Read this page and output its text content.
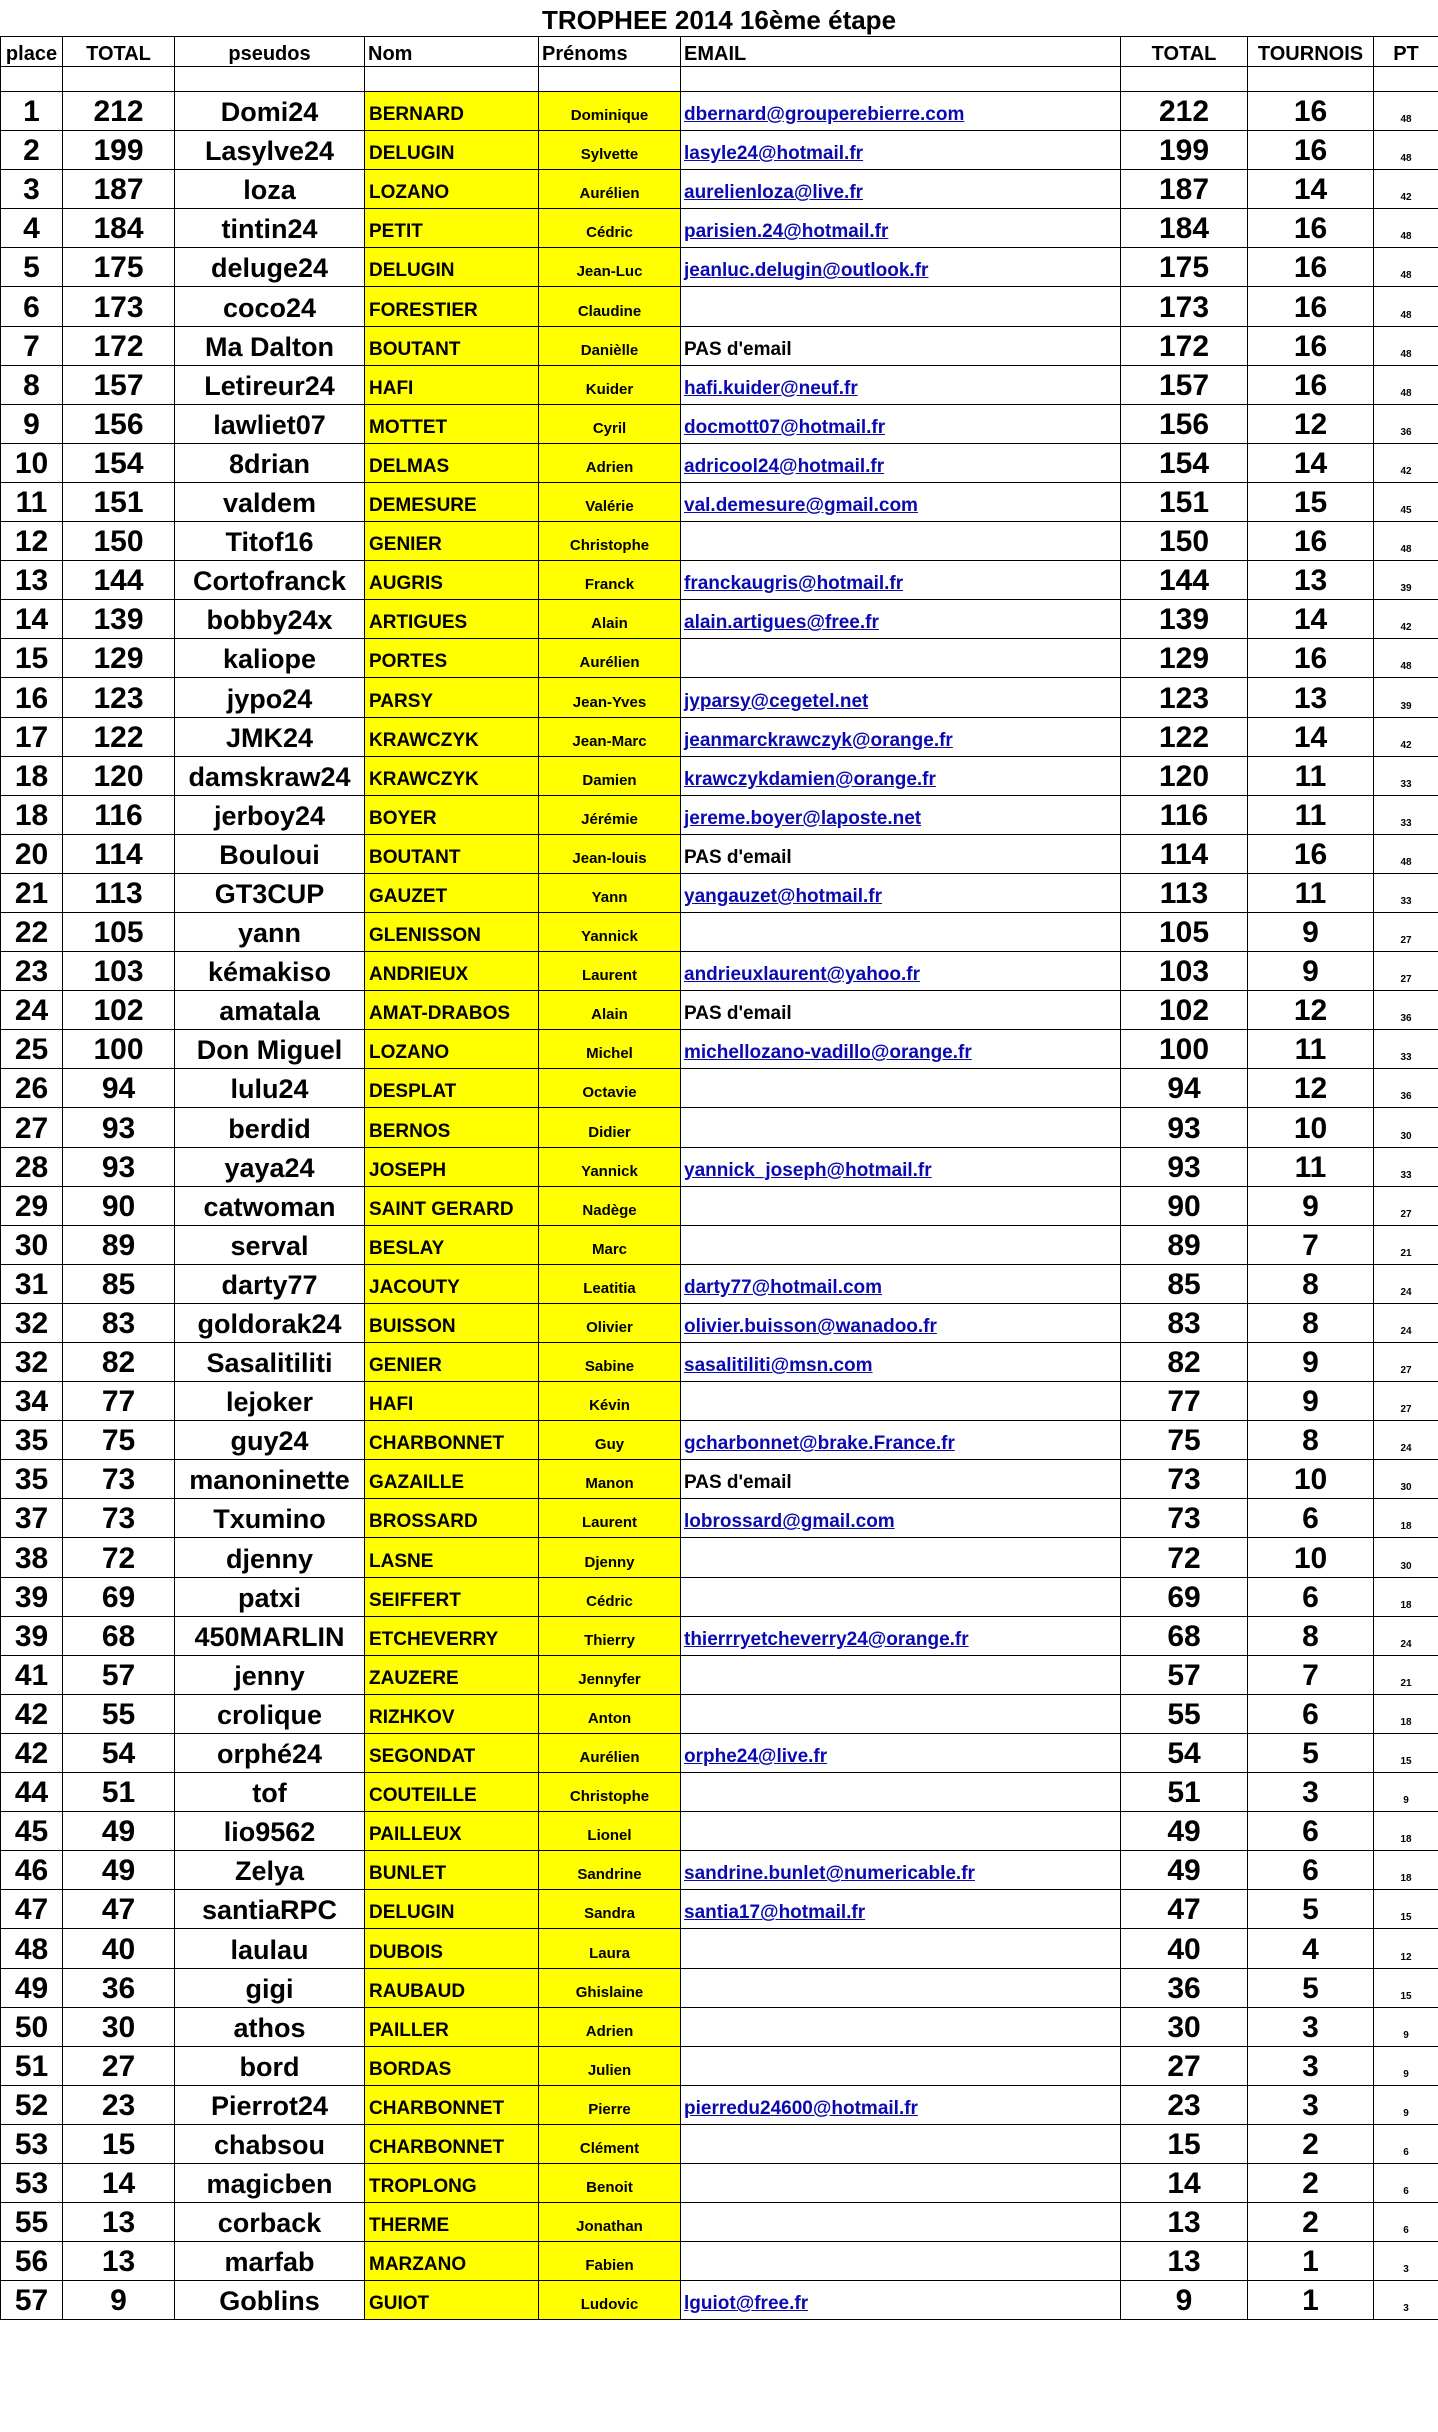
TROPHEE 2014 16ème étape
place	TOTAL	pseudos	Nom	Prénoms	EMAIL	TOTAL	TOURNOIS	PT

1	212	Domi24	BERNARD	Dominique	dbernard@grouperebierre.com	212	16	48
2	199	Lasylve24	DELUGIN	Sylvette	lasyle24@hotmail.fr	199	16	48
3	187	loza	LOZANO	Aurélien	aurelienloza@live.fr	187	14	42
4	184	tintin24	PETIT	Cédric	parisien.24@hotmail.fr	184	16	48
5	175	deluge24	DELUGIN	Jean-Luc	jeanluc.delugin@outlook.fr	175	16	48
6	173	coco24	FORESTIER	Claudine		173	16	48
7	172	Ma Dalton	BOUTANT	Danièlle	PAS d'email	172	16	48
8	157	Letireur24	HAFI	Kuider	hafi.kuider@neuf.fr	157	16	48
9	156	lawliet07	MOTTET	Cyril	docmott07@hotmail.fr	156	12	36
10	154	8drian	DELMAS	Adrien	adricool24@hotmail.fr	154	14	42
11	151	valdem	DEMESURE	Valérie	val.demesure@gmail.com	151	15	45
12	150	Titof16	GENIER	Christophe		150	16	48
13	144	Cortofranck	AUGRIS	Franck	franckaugris@hotmail.fr	144	13	39
14	139	bobby24x	ARTIGUES	Alain	alain.artigues@free.fr	139	14	42
15	129	kaliope	PORTES	Aurélien		129	16	48
16	123	jypo24	PARSY	Jean-Yves	jyparsy@cegetel.net	123	13	39
17	122	JMK24	KRAWCZYK	Jean-Marc	jeanmarckrawczyk@orange.fr	122	14	42
18	120	damskraw24	KRAWCZYK	Damien	krawczykdamien@orange.fr	120	11	33
18	116	jerboy24	BOYER	Jérémie	jereme.boyer@laposte.net	116	11	33
20	114	Bouloui	BOUTANT	Jean-louis	PAS d'email	114	16	48
21	113	GT3CUP	GAUZET	Yann	yangauzet@hotmail.fr	113	11	33
22	105	yann	GLENISSON	Yannick		105	9	27
23	103	kémakiso	ANDRIEUX	Laurent	andrieuxlaurent@yahoo.fr	103	9	27
24	102	amatala	AMAT-DRABOS	Alain	PAS d'email	102	12	36
25	100	Don Miguel	LOZANO	Michel	michellozano-vadillo@orange.fr	100	11	33
26	94	lulu24	DESPLAT	Octavie		94	12	36
27	93	berdid	BERNOS	Didier		93	10	30
28	93	yaya24	JOSEPH	Yannick	yannick_joseph@hotmail.fr	93	11	33
29	90	catwoman	SAINT GERARD	Nadège		90	9	27
30	89	serval	BESLAY	Marc		89	7	21
31	85	darty77	JACOUTY	Leatitia	darty77@hotmail.com	85	8	24
32	83	goldorak24	BUISSON	Olivier	olivier.buisson@wanadoo.fr	83	8	24
32	82	Sasalitiliti	GENIER	Sabine	sasalitiliti@msn.com	82	9	27
34	77	lejoker	HAFI	Kévin		77	9	27
35	75	guy24	CHARBONNET	Guy	gcharbonnet@brake.France.fr	75	8	24
35	73	manoninette	GAZAILLE	Manon	PAS d'email	73	10	30
37	73	Txumino	BROSSARD	Laurent	lobrossard@gmail.com	73	6	18
38	72	djenny	LASNE	Djenny		72	10	30
39	69	patxi	SEIFFERT	Cédric		69	6	18
39	68	450MARLIN	ETCHEVERRY	Thierry	thierrryetcheverry24@orange.fr	68	8	24
41	57	jenny	ZAUZERE	Jennyfer		57	7	21
42	55	crolique	RIZHKOV	Anton		55	6	18
42	54	orphé24	SEGONDAT	Aurélien	orphe24@live.fr	54	5	15
44	51	tof	COUTEILLE	Christophe		51	3	9
45	49	lio9562	PAILLEUX	Lionel		49	6	18
46	49	Zelya	BUNLET	Sandrine	sandrine.bunlet@numericable.fr	49	6	18
47	47	santiaRPC	DELUGIN	Sandra	santia17@hotmail.fr	47	5	15
48	40	laulau	DUBOIS	Laura		40	4	12
49	36	gigi	RAUBAUD	Ghislaine		36	5	15
50	30	athos	PAILLER	Adrien		30	3	9
51	27	bord	BORDAS	Julien		27	3	9
52	23	Pierrot24	CHARBONNET	Pierre	pierredu24600@hotmail.fr	23	3	9
53	15	chabsou	CHARBONNET	Clément		15	2	6
53	14	magicben	TROPLONG	Benoit		14	2	6
55	13	corback	THERME	Jonathan		13	2	6
56	13	marfab	MARZANO	Fabien		13	1	3
57	9	Goblins	GUIOT	Ludovic	lguiot@free.fr	9	1	3
